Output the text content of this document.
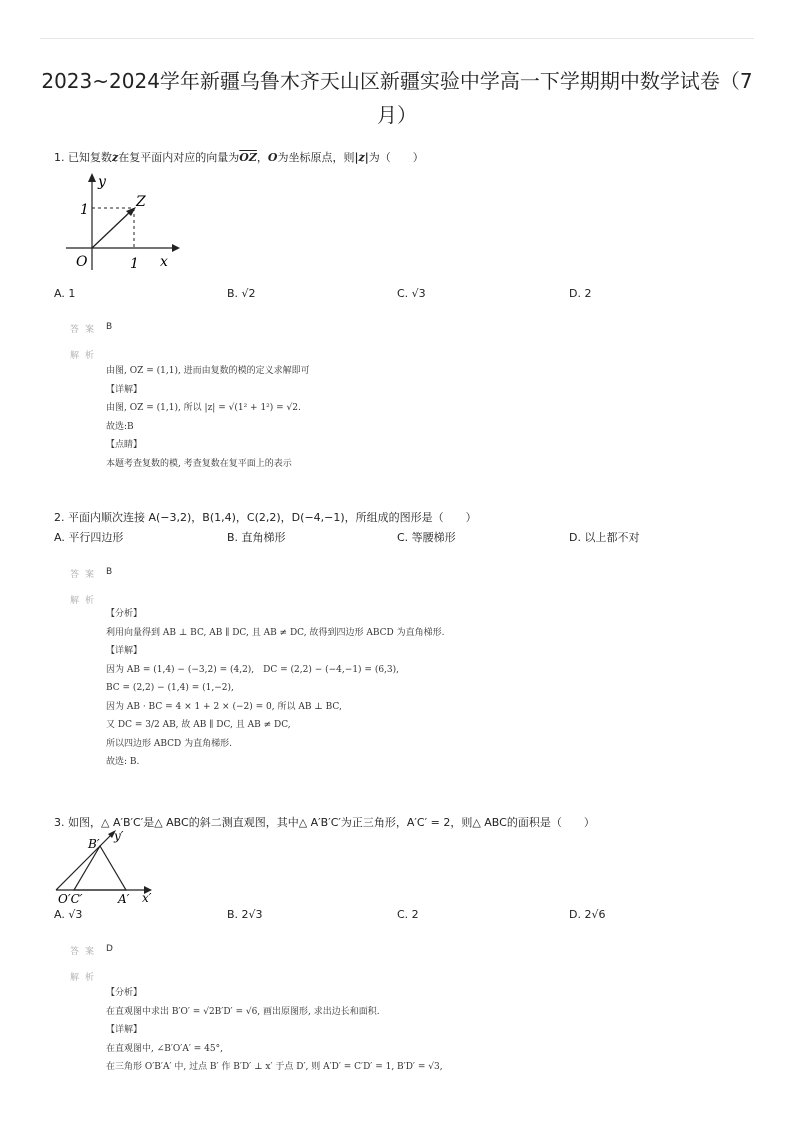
2023~2024学年新疆乌鲁木齐天山区新疆实验中学高一下学期期中数学试卷（7
月）
1. 已知复数z在复平面内对应的向量为$\overline{OZ}$，O为坐标原点，则|z|为（　　）
y
1	Z
O	1 x
A. 1	B. √2	C. √3	D. 2
答案 B
解析
由图, OZ = (1,1), 进而由复数的模的定义求解即可
【详解】
由图, OZ = (1,1), 所以 |z| = √(1² + 1²) = √2.
故选:B
【点睛】
本题考查复数的模, 考查复数在复平面上的表示
2. 平面内顺次连接 A(−3,2)，B(1,4)，C(2,2)，D(−4,−1)，所组成的图形是（　　）
A. 平行四边形	B. 直角梯形	C. 等腰梯形	D. 以上都不对
答案 B
解析
【分析】
利用向量得到 AB ⊥ BC, AB ∥ DC, 且 AB ≠ DC, 故得到四边形 ABCD 为直角梯形.
【详解】
因为 AB = (1,4) − (−3,2) = (4,2),　DC = (2,2) − (−4,−1) = (6,3),
BC = (2,2) − (1,4) = (1,−2),
因为 AB · BC = 4 × 1 + 2 × (−2) = 0, 所以 AB ⊥ BC,
又 DC = 3/2 AB, 故 AB ∥ DC, 且 AB ≠ DC,
所以四边形 ABCD 为直角梯形.
故选: B.
3. 如图，△ A′B′C′是△ ABC的斜二测直观图，其中△ A′B′C′为正三角形，A′C′ = 2，则△ ABC的面积是（　　）
y′
B′
O′C′	A′ x′
A. √3	B. 2√3	C. 2	D. 2√6
答案 D
解析
【分析】
在直观图中求出 B′O′ = √2B′D′ = √6, 画出原图形, 求出边长和面积.
【详解】
在直观图中, ∠B′O′A′ = 45°,
在三角形 O′B′A′ 中, 过点 B′ 作 B′D′ ⊥ x′ 于点 D′, 则 A′D′ = C′D′ = 1, B′D′ = √3,
